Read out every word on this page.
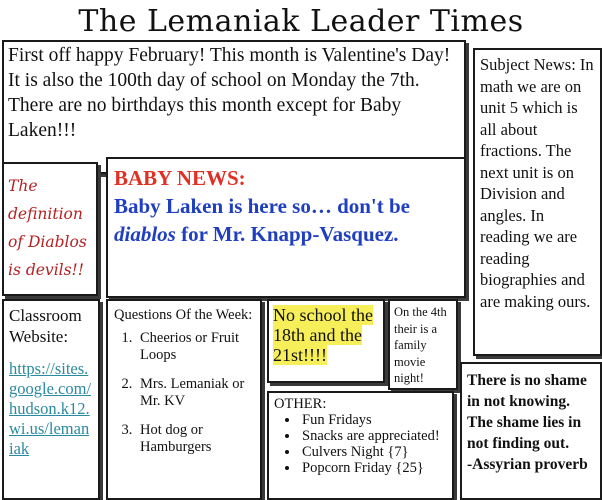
The Lemaniak Leader Times
First off happy February! This month is Valentine's Day! It is also the 100th day of school on Monday the 7th. There are no birthdays this month except for Baby Laken!!!
Subject News: In math we are on unit 5 which is all about fractions. The next unit is on Division and angles. In reading we are reading biographies and are making ours.
The definition of Diablos is devils!!
BABY NEWS:
Baby Laken is here so… don't be diablos for Mr. Knapp-Vasquez.
Classroom Website:
https://sites.google.com/hudson.k12.wi.us/lemaniak
Questions Of the Week:
1. Cheerios or Fruit Loops
2. Mrs. Lemaniak or Mr. KV
3. Hot dog or Hamburgers
No school the 18th and the 21st!!!!
On the 4th their is a family movie night!
OTHER:
• Fun Fridays
• Snacks are appreciated!
• Culvers Night {7}
• Popcorn Friday {25}
There is no shame in not knowing. The shame lies in not finding out.
-Assyrian proverb
